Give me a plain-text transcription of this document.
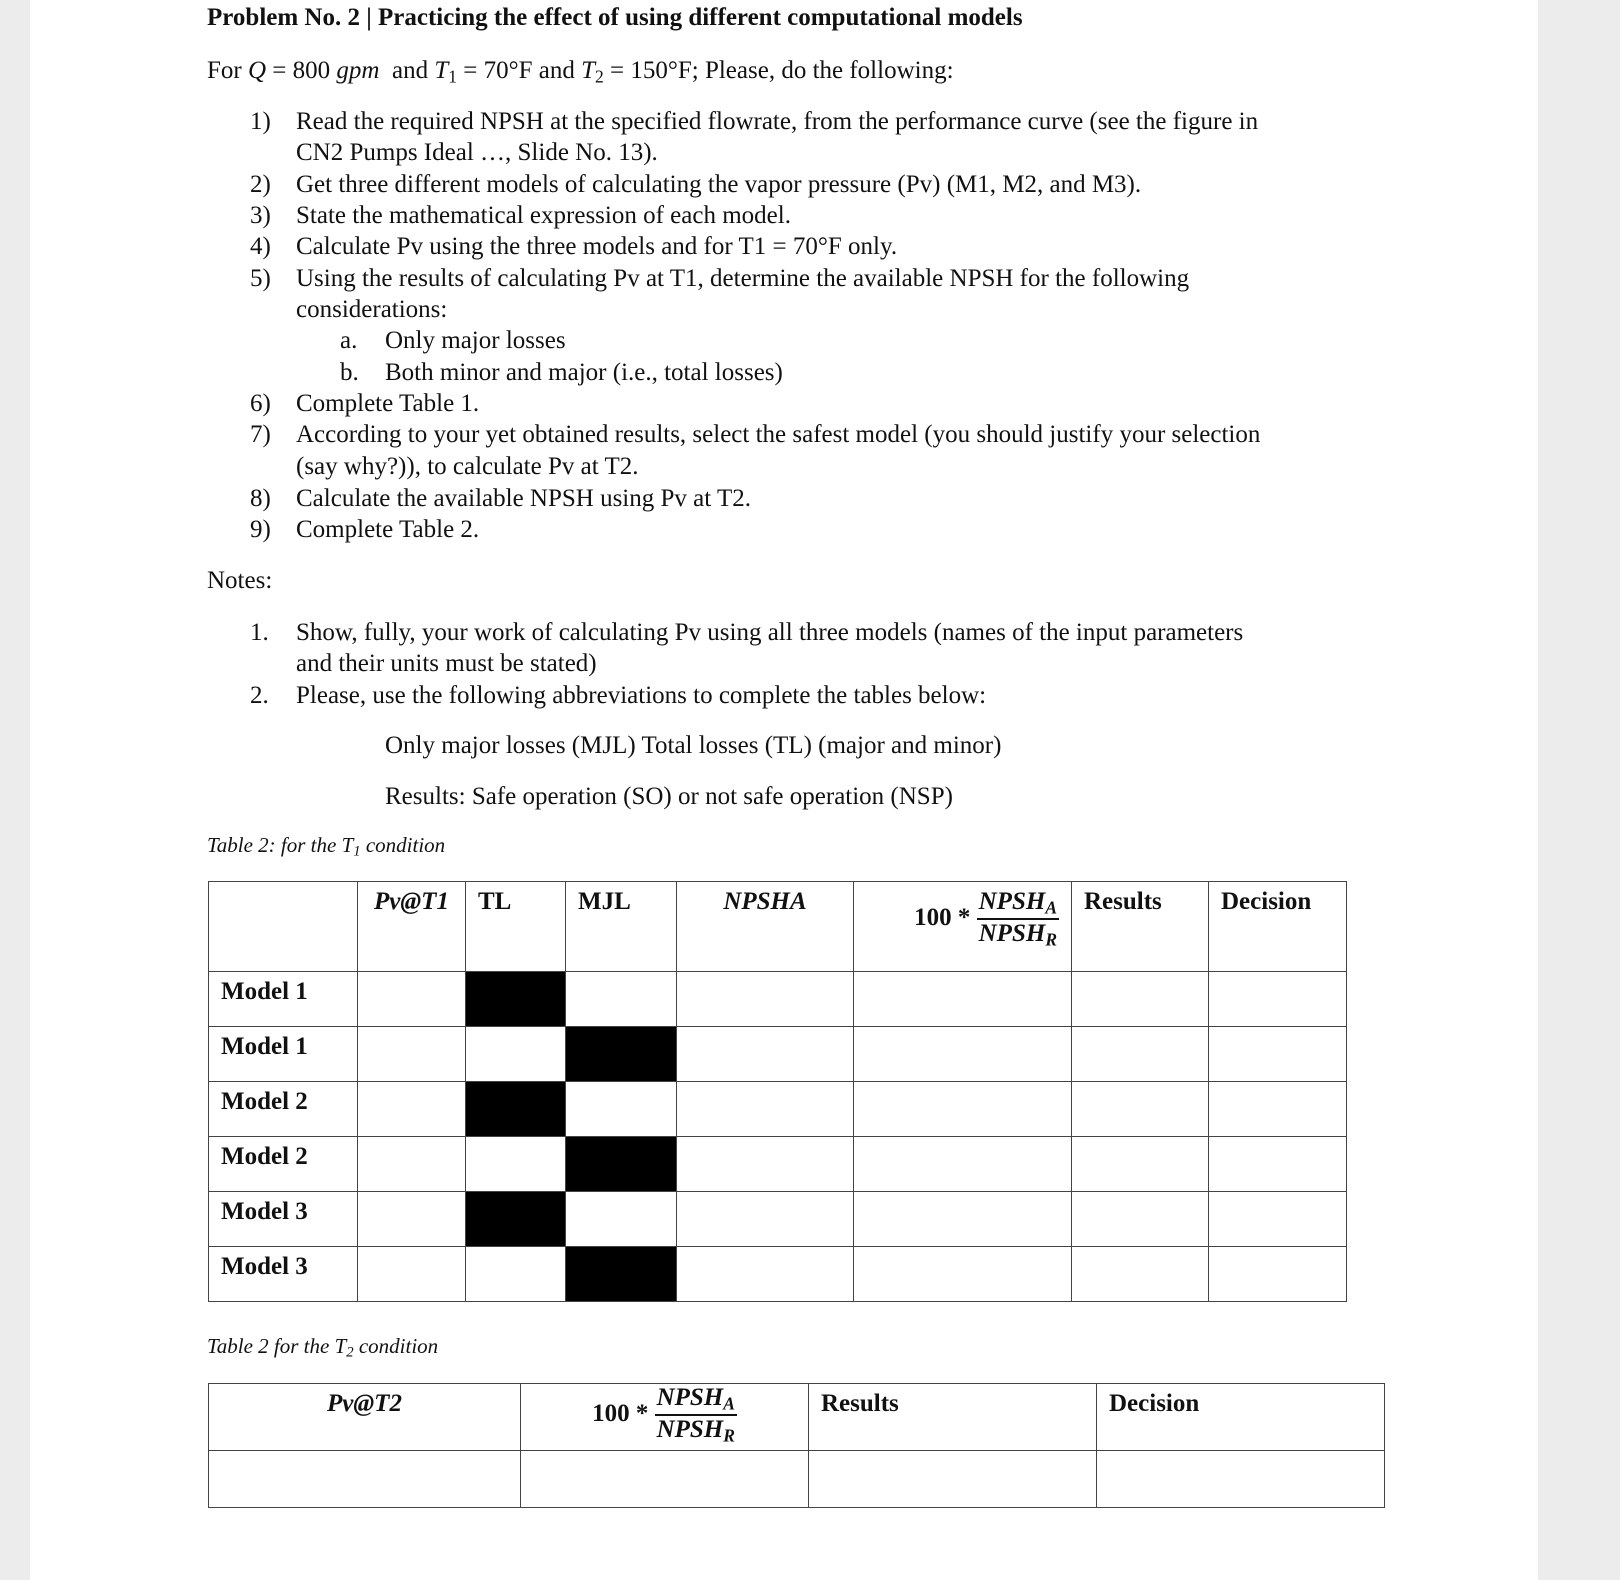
Problem No. 2 | Practicing the effect of using different computational models
For Q = 800 gpm  and $T_1 = 70^\circ F$ and $T_2 = 150^\circ F$; Please, do the following:
1) Read the required NPSH at the specified flowrate, from the performance curve (see the figure in
CN2 Pumps Ideal …, Slide No. 13).
2) Get three different models of calculating the vapor pressure (Pv) (M1, M2, and M3).
3) State the mathematical expression of each model.
4) Calculate Pv using the three models and for T1 = 70°F only.
5) Using the results of calculating Pv at T1, determine the available NPSH for the following
considerations:
a. Only major losses
b. Both minor and major (i.e., total losses)
6) Complete Table 1.
7) According to your yet obtained results, select the safest model (you should justify your selection
(say why?)), to calculate Pv at T2.
8) Calculate the available NPSH using Pv at T2.
9) Complete Table 2.
Notes:
1. Show, fully, your work of calculating Pv using all three models (names of the input parameters
and their units must be stated)
2. Please, use the following abbreviations to complete the tables below:
Only major losses (MJL) Total losses (TL) (major and minor)
Results: Safe operation (SO) or not safe operation (NSP)
Table 2: for the $T_1$ condition
	Pv@T1	TL	MJL	NPSHA	$100 * \frac{NPSH_A}{NPSH_R}$	Results	Decision
Model 1							
Model 1							
Model 2							
Model 2							
Model 3							
Model 3							
Table 2 for the $T_2$ condition
Pv@T2	$100 * \frac{NPSH_A}{NPSH_R}$	Results	Decision
